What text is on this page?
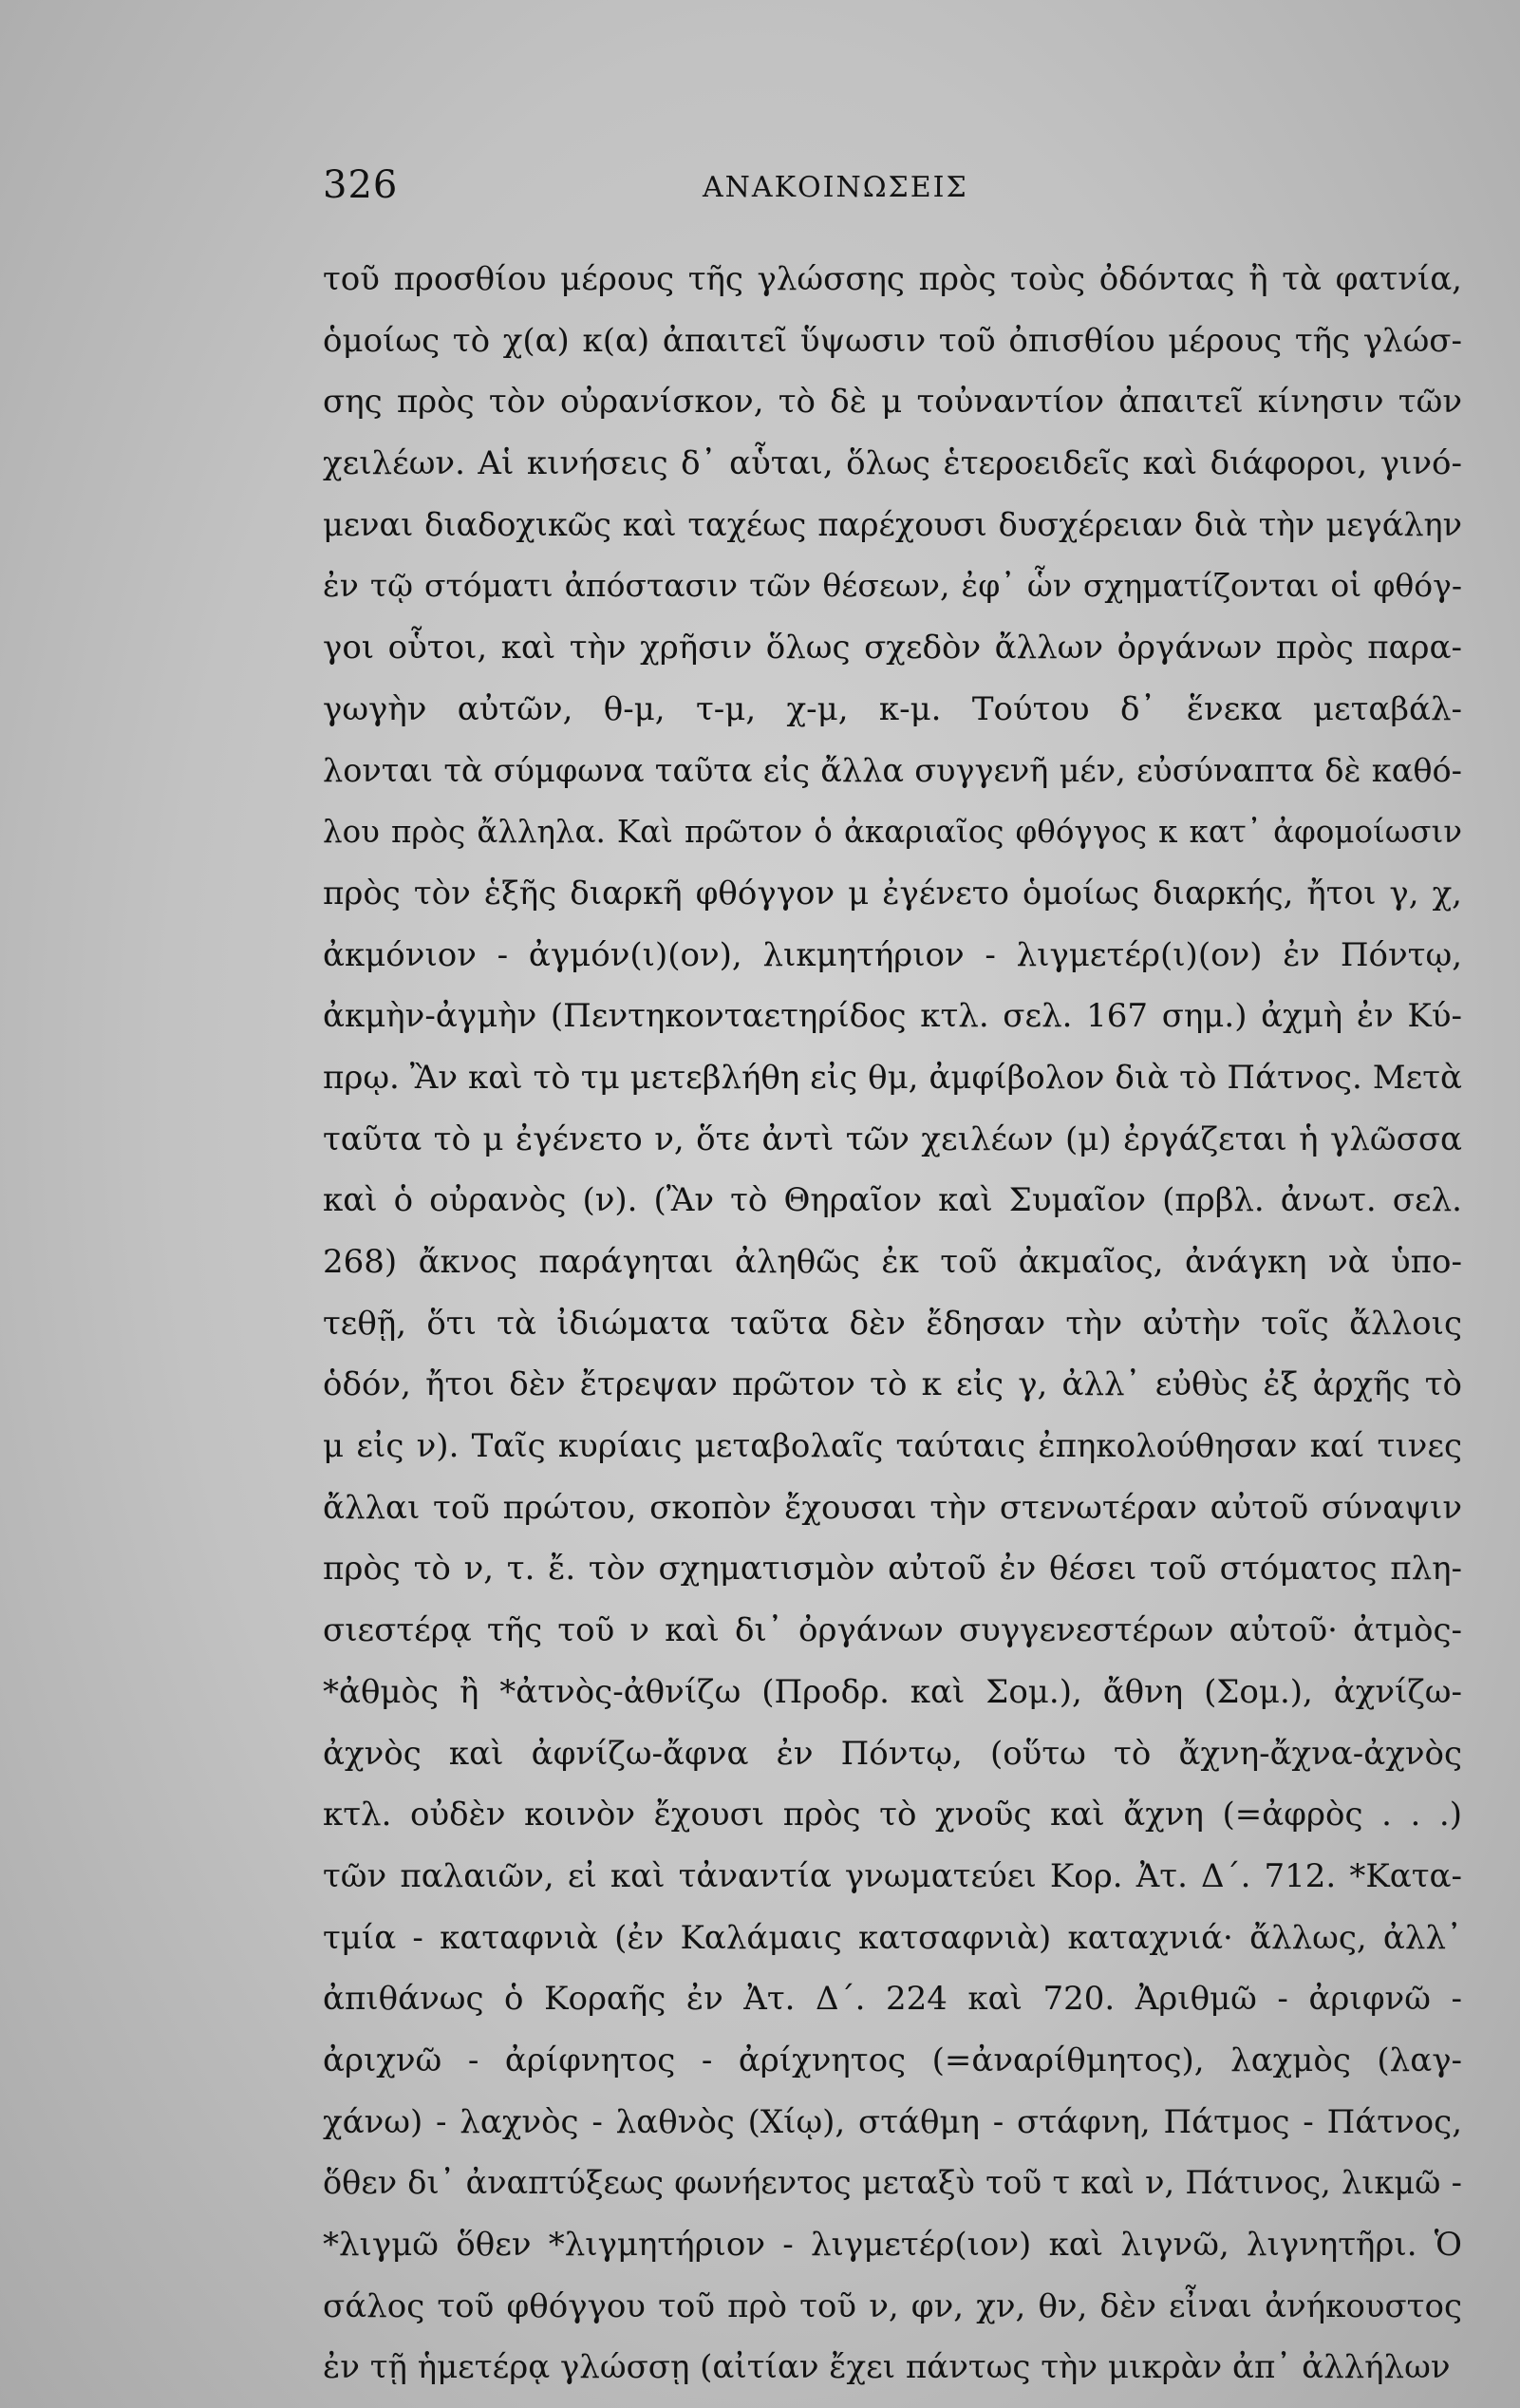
326	ΑΝΑΚΟΙΝΩΣΕΙΣ
τοῦ προσθίου μέρους τῆς γλώσσης πρὸς τοὺς ὀδόντας ἢ τὰ φατνία,
ὁμοίως τὸ χ(α) κ(α) ἀπαιτεῖ ὕψωσιν τοῦ ὀπισθίου μέρους τῆς γλώσ-
σης πρὸς τὸν οὐρανίσκον, τὸ δὲ μ τοὐναντίον ἀπαιτεῖ κίνησιν τῶν
χειλέων. Αἱ κινήσεις δ᾽ αὗται, ὅλως ἑτεροειδεῖς καὶ διάφοροι, γινό-
μεναι διαδοχικῶς καὶ ταχέως παρέχουσι δυσχέρειαν διὰ τὴν μεγάλην
ἐν τῷ στόματι ἀπόστασιν τῶν θέσεων, ἐφ᾽ ὧν σχηματίζονται οἱ φθόγ-
γοι οὗτοι, καὶ τὴν χρῆσιν ὅλως σχεδὸν ἄλλων ὀργάνων πρὸς παρα-
γωγὴν αὐτῶν, θ-μ, τ-μ, χ-μ, κ-μ. Τούτου δ᾽ ἕνεκα μεταβάλ-
λονται τὰ σύμφωνα ταῦτα εἰς ἄλλα συγγενῆ μέν, εὐσύναπτα δὲ καθό-
λου πρὸς ἄλληλα. Καὶ πρῶτον ὁ ἀκαριαῖος φθόγγος κ κατ᾽ ἀφομοίωσιν
πρὸς τὸν ἑξῆς διαρκῆ φθόγγον μ ἐγένετο ὁμοίως διαρκής, ἤτοι γ, χ,
ἀκμόνιον - ἀγμόν(ι)(ον), λικμητήριον - λιγμετέρ(ι)(ον) ἐν Πόντῳ,
ἀκμὴν-ἀγμὴν (Πεντηκονταετηρίδος κτλ. σελ. 167 σημ.) ἀχμὴ ἐν Κύ-
πρῳ. Ἂν καὶ τὸ τμ μετεβλήθη εἰς θμ, ἀμφίβολον διὰ τὸ Πάτνος. Μετὰ
ταῦτα τὸ μ ἐγένετο ν, ὅτε ἀντὶ τῶν χειλέων (μ) ἐργάζεται ἡ γλῶσσα
καὶ ὁ οὐρανὸς (ν). (Ἂν τὸ Θηραῖον καὶ Συμαῖον (πρβλ. ἀνωτ. σελ.
268) ἄκνος παράγηται ἀληθῶς ἐκ τοῦ ἀκμαῖος, ἀνάγκη νὰ ὑπο-
τεθῇ, ὅτι τὰ ἰδιώματα ταῦτα δὲν ἔδησαν τὴν αὐτὴν τοῖς ἄλλοις
ὁδόν, ἤτοι δὲν ἔτρεψαν πρῶτον τὸ κ εἰς γ, ἀλλ᾽ εὐθὺς ἐξ ἀρχῆς τὸ
μ εἰς ν). Ταῖς κυρίαις μεταβολαῖς ταύταις ἐπηκολούθησαν καί τινες
ἄλλαι τοῦ πρώτου, σκοπὸν ἔχουσαι τὴν στενωτέραν αὐτοῦ σύναψιν
πρὸς τὸ ν, τ. ἔ. τὸν σχηματισμὸν αὐτοῦ ἐν θέσει τοῦ στόματος πλη-
σιεστέρᾳ τῆς τοῦ ν καὶ δι᾽ ὀργάνων συγγενεστέρων αὐτοῦ· ἀτμὸς-
*ἀθμὸς ἢ *ἀτνὸς-ἀθνίζω (Προδρ. καὶ Σομ.), ἄθνη (Σομ.), ἀχνίζω-
ἀχνὸς καὶ ἀφνίζω-ἄφνα ἐν Πόντῳ, (οὕτω τὸ ἄχνη-ἄχνα-ἀχνὸς
κτλ. οὐδὲν κοινὸν ἔχουσι πρὸς τὸ χνοῦς καὶ ἄχνη (=ἀφρὸς . . .)
τῶν παλαιῶν, εἰ καὶ τἀναντία γνωματεύει Κορ. Ἀτ. Δ΄. 712. *Κατα-
τμία - καταφνιὰ (ἐν Καλάμαις κατσαφνιὰ) καταχνιά· ἄλλως, ἀλλ᾽
ἀπιθάνως ὁ Κοραῆς ἐν Ἀτ. Δ΄. 224 καὶ 720. Ἀριθμῶ - ἀριφνῶ -
ἀριχνῶ - ἀρίφνητος - ἀρίχνητος (=ἀναρίθμητος), λαχμὸς (λαγ-
χάνω) - λαχνὸς - λαθνὸς (Χίῳ), στάθμη - στάφνη, Πάτμος - Πάτνος,
ὅθεν δι᾽ ἀναπτύξεως φωνήεντος μεταξὺ τοῦ τ καὶ ν, Πάτινος, λικμῶ -
*λιγμῶ ὅθεν *λιγμητήριον - λιγμετέρ(ιον) καὶ λιγνῶ, λιγνητῆρι. Ὁ
σάλος τοῦ φθόγγου τοῦ πρὸ τοῦ ν, φν, χν, θν, δὲν εἶναι ἀνήκουστος
ἐν τῇ ἡμετέρᾳ γλώσσῃ (αἰτίαν ἔχει πάντως τὴν μικρὰν ἀπ᾽ ἀλλήλων
